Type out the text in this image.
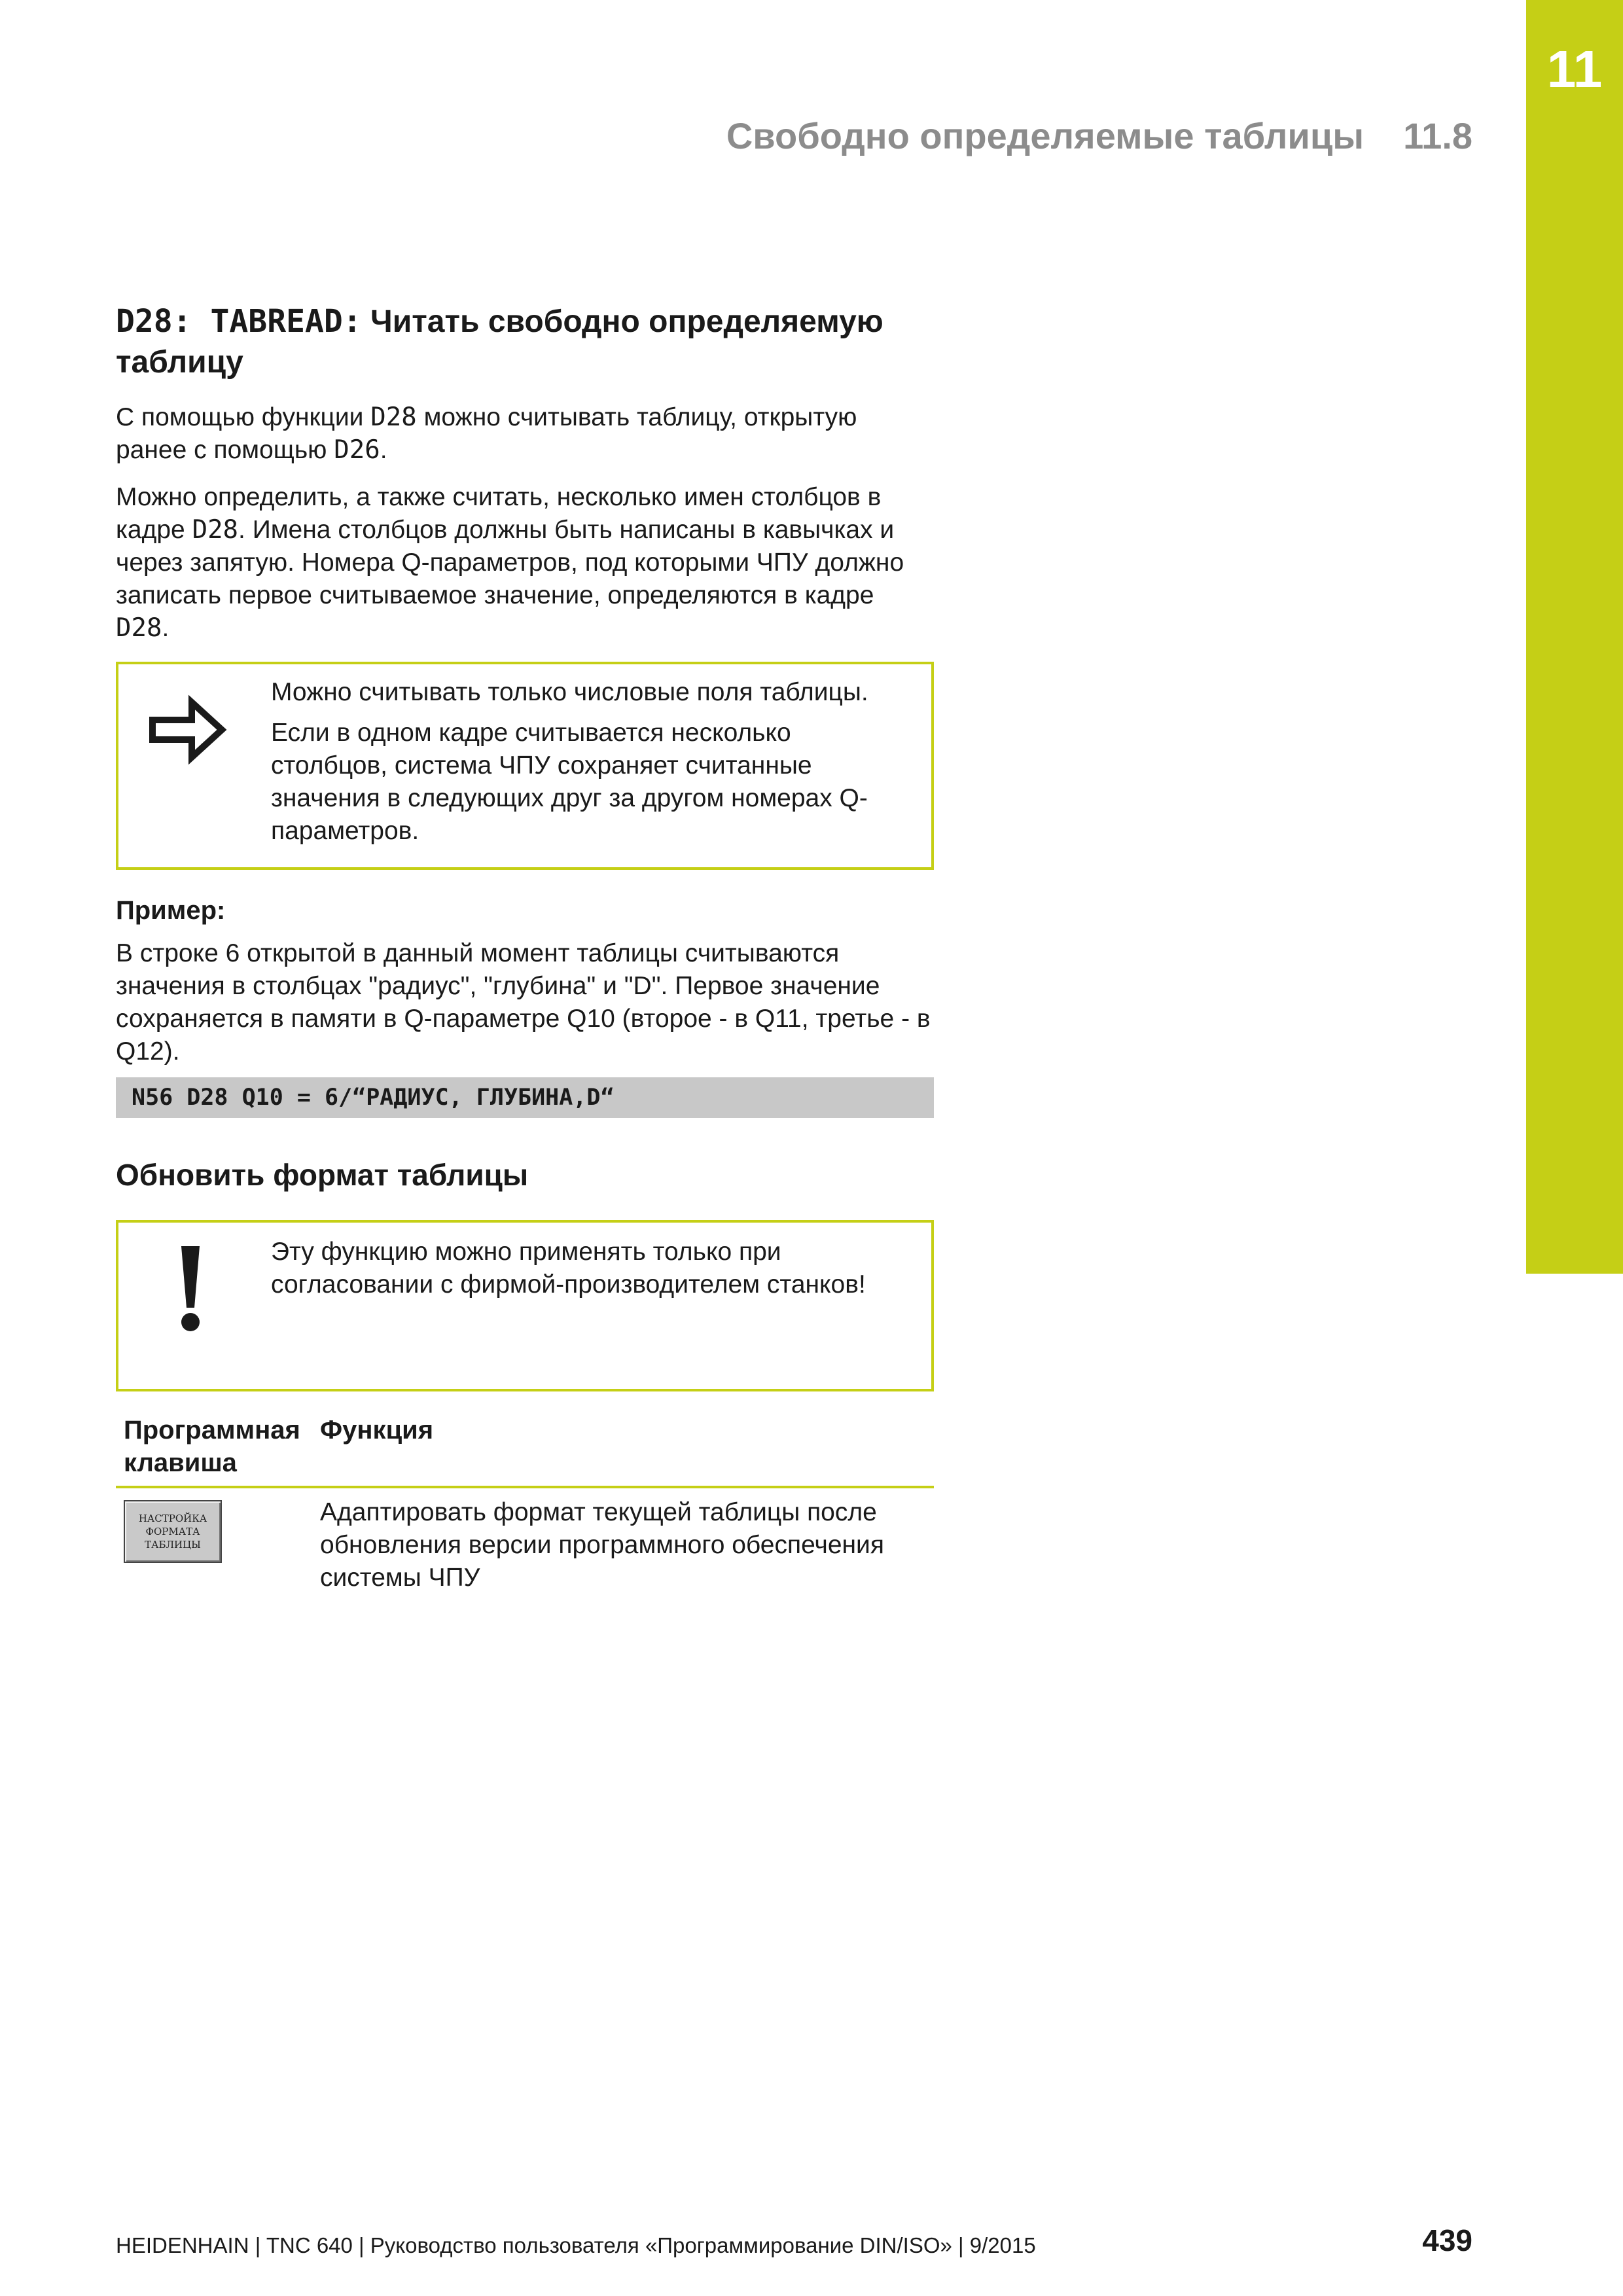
11
Свободно определяемые таблицы 11.8
D28: TABREAD: Читать свободно определяемую таблицу

С помощью функции D28 можно считывать таблицу, открытую ранее с помощью D26.

Можно определить, а также считать, несколько имен столбцов в кадре D28. Имена столбцов должны быть написаны в кавычках и через запятую. Номера Q-параметров, под которыми ЧПУ должно записать первое считываемое значение, определяются в кадре D28.

Можно считывать только числовые поля таблицы.

Если в одном кадре считывается несколько столбцов, система ЧПУ сохраняет считанные значения в следующих друг за другом номерах Q-параметров.

Пример:

В строке 6 открытой в данный момент таблицы считываются значения в столбцах "радиус", "глубина" и "D". Первое значение сохраняется в памяти в Q-параметре Q10 (второе - в Q11, третье - в Q12).

N56 D28 Q10 = 6/“РАДИУС, ГЛУБИНА,D“
Обновить формат таблицы

Эту функцию можно применять только при согласовании с фирмой-производителем станков!

Программная клавиша
Функция
НАСТРОЙКА
ФОРМАТА
ТАБЛИЦЫ
Адаптировать формат текущей таблицы после обновления версии программного обеспечения системы ЧПУ
HEIDENHAIN | TNC 640 | Руководство пользователя «Программирование DIN/ISO» | 9/2015	439
